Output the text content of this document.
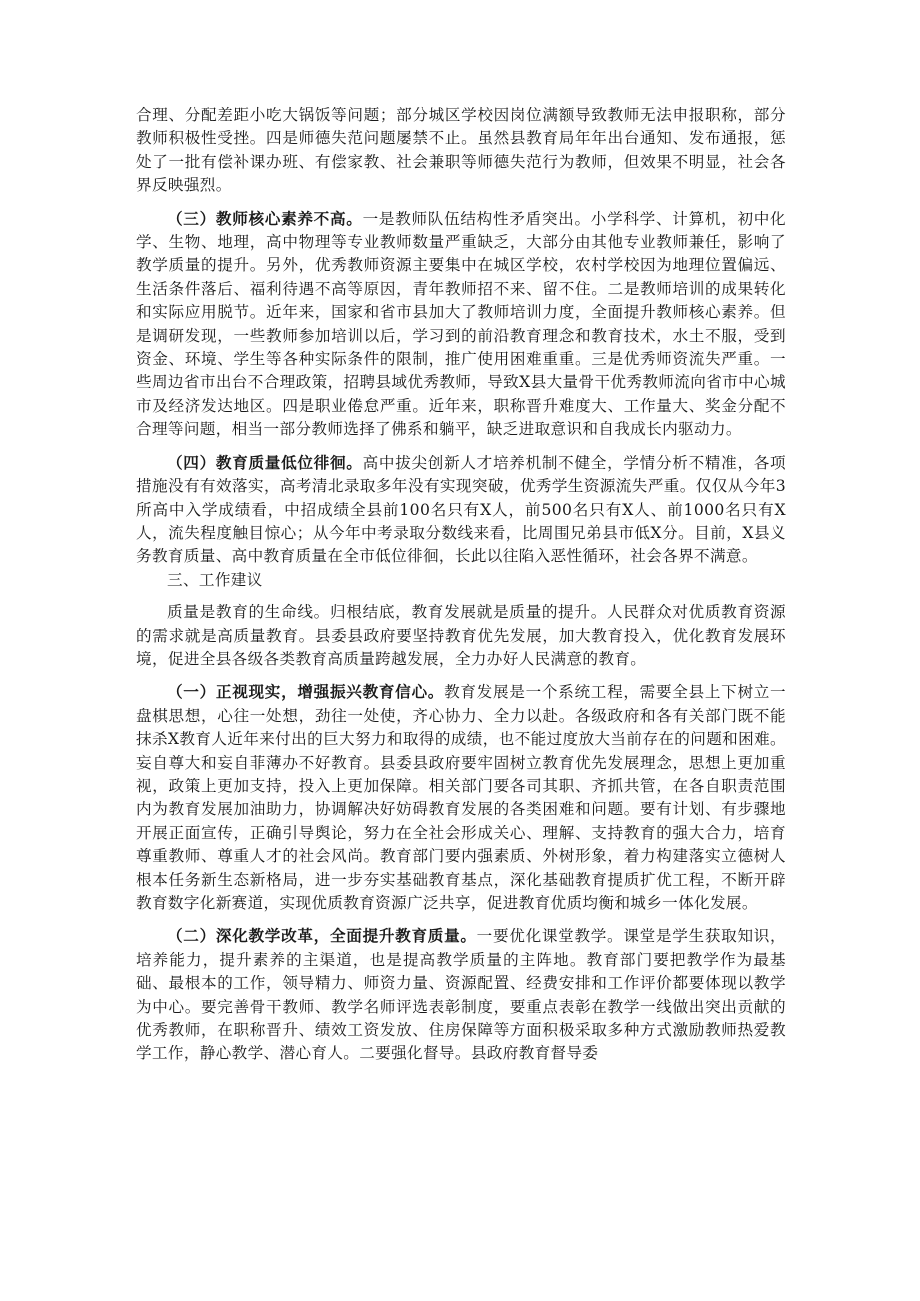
合理、分配差距小吃大锅饭等问题；部分城区学校因岗位满额导致教师无法申报职称，部分教师积极性受挫。四是师德失范问题屡禁不止。虽然县教育局年年出台通知、发布通报，惩处了一批有偿补课办班、有偿家教、社会兼职等师德失范行为教师，但效果不明显，社会各界反映强烈。

（三）教师核心素养不高。一是教师队伍结构性矛盾突出。小学科学、计算机，初中化学、生物、地理，高中物理等专业教师数量严重缺乏，大部分由其他专业教师兼任，影响了教学质量的提升。另外，优秀教师资源主要集中在城区学校，农村学校因为地理位置偏远、生活条件落后、福利待遇不高等原因，青年教师招不来、留不住。二是教师培训的成果转化和实际应用脱节。近年来，国家和省市县加大了教师培训力度，全面提升教师核心素养。但是调研发现，一些教师参加培训以后，学习到的前沿教育理念和教育技术，水土不服，受到资金、环境、学生等各种实际条件的限制，推广使用困难重重。三是优秀师资流失严重。一些周边省市出台不合理政策，招聘县域优秀教师，导致X县大量骨干优秀教师流向省市中心城市及经济发达地区。四是职业倦怠严重。近年来，职称晋升难度大、工作量大、奖金分配不合理等问题，相当一部分教师选择了佛系和躺平，缺乏进取意识和自我成长内驱动力。

（四）教育质量低位徘徊。高中拔尖创新人才培养机制不健全，学情分析不精准，各项措施没有有效落实，高考清北录取多年没有实现突破，优秀学生资源流失严重。仅仅从今年3所高中入学成绩看，中招成绩全县前100名只有X人，前500名只有X人、前1000名只有X人，流失程度触目惊心；从今年中考录取分数线来看，比周围兄弟县市低X分。目前，X县义务教育质量、高中教育质量在全市低位徘徊，长此以往陷入恶性循环，社会各界不满意。

三、工作建议

质量是教育的生命线。归根结底，教育发展就是质量的提升。人民群众对优质教育资源的需求就是高质量教育。县委县政府要坚持教育优先发展，加大教育投入，优化教育发展环境，促进全县各级各类教育高质量跨越发展，全力办好人民满意的教育。

（一）正视现实，增强振兴教育信心。教育发展是一个系统工程，需要全县上下树立一盘棋思想，心往一处想，劲往一处使，齐心协力、全力以赴。各级政府和各有关部门既不能抹杀X教育人近年来付出的巨大努力和取得的成绩，也不能过度放大当前存在的问题和困难。妄自尊大和妄自菲薄办不好教育。县委县政府要牢固树立教育优先发展理念，思想上更加重视，政策上更加支持，投入上更加保障。相关部门要各司其职、齐抓共管，在各自职责范围内为教育发展加油助力，协调解决好妨碍教育发展的各类困难和问题。要有计划、有步骤地开展正面宣传，正确引导舆论，努力在全社会形成关心、理解、支持教育的强大合力，培育尊重教师、尊重人才的社会风尚。教育部门要内强素质、外树形象，着力构建落实立德树人根本任务新生态新格局，进一步夯实基础教育基点，深化基础教育提质扩优工程，不断开辟教育数字化新赛道，实现优质教育资源广泛共享，促进教育优质均衡和城乡一体化发展。

（二）深化教学改革，全面提升教育质量。一要优化课堂教学。课堂是学生获取知识，培养能力，提升素养的主渠道，也是提高教学质量的主阵地。教育部门要把教学作为最基础、最根本的工作，领导精力、师资力量、资源配置、经费安排和工作评价都要体现以教学为中心。要完善骨干教师、教学名师评选表彰制度，要重点表彰在教学一线做出突出贡献的优秀教师，在职称晋升、绩效工资发放、住房保障等方面积极采取多种方式激励教师热爱教学工作，静心教学、潜心育人。二要强化督导。县政府教育督导委
